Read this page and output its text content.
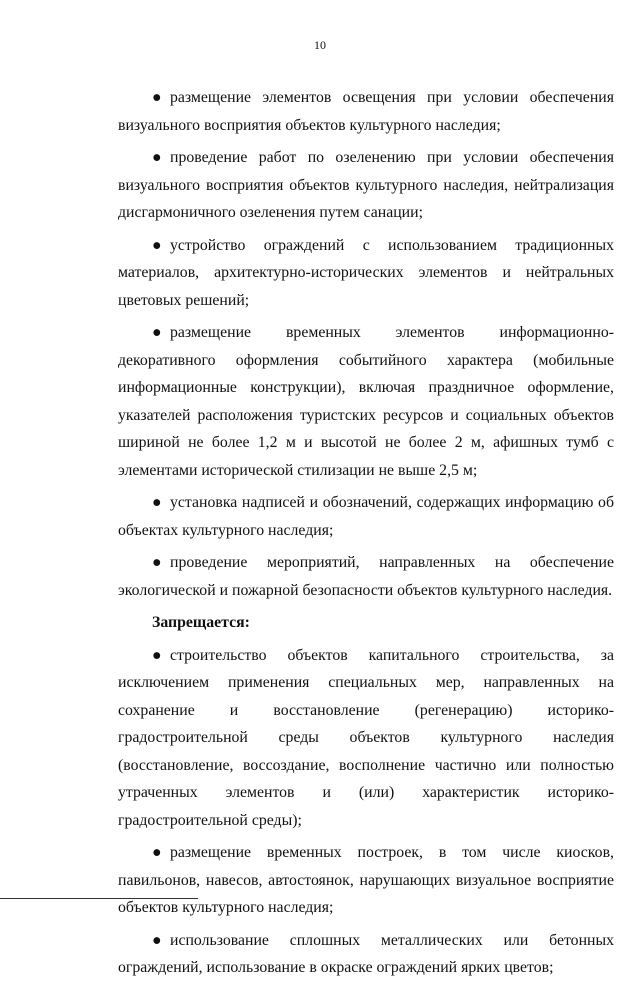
10

● размещение элементов освещения при условии обеспечения визуального восприятия объектов культурного наследия;

● проведение работ по озеленению при условии обеспечения визуального восприятия объектов культурного наследия, нейтрализация дисгармоничного озеленения путем санации;

● устройство ограждений с использованием традиционных материалов, архитектурно-исторических элементов и нейтральных цветовых решений;

● размещение временных элементов информационно-декоративного оформления событийного характера (мобильные информационные конструкции), включая праздничное оформление, указателей расположения туристских ресурсов и социальных объектов шириной не более 1,2 м и высотой не более 2 м, афишных тумб с элементами исторической стилизации не выше 2,5 м;

● установка надписей и обозначений, содержащих информацию об объектах культурного наследия;

● проведение мероприятий, направленных на обеспечение экологической и пожарной безопасности объектов культурного наследия.

Запрещается:

● строительство объектов капитального строительства, за исключением применения специальных мер, направленных на сохранение и восстановление (регенерацию) историко-градостроительной среды объектов культурного наследия (восстановление, воссоздание, восполнение частично или полностью утраченных элементов и (или) характеристик историко-градостроительной среды);

● размещение временных построек, в том числе киосков, павильонов, навесов, автостоянок, нарушающих визуальное восприятие объектов культурного наследия;

● использование сплошных металлических или бетонных ограждений, использование в окраске ограждений ярких цветов;
